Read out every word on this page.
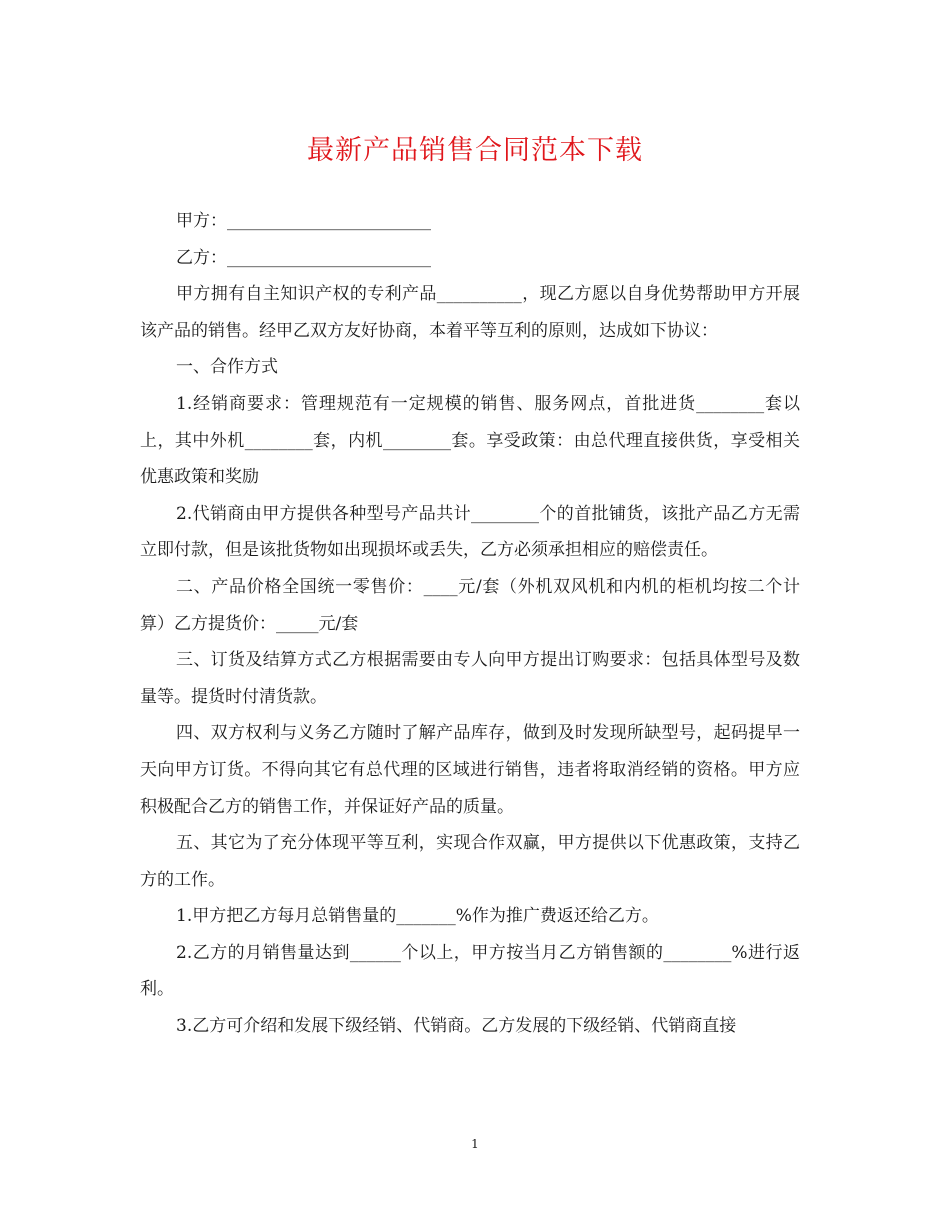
最新产品销售合同范本下载

甲方：________________________

乙方：________________________

甲方拥有自主知识产权的专利产品__________，现乙方愿以自身优势帮助甲方开展该产品的销售。经甲乙双方友好协商，本着平等互利的原则，达成如下协议：

一、合作方式

1.经销商要求：管理规范有一定规模的销售、服务网点，首批进货________套以上，其中外机________套，内机________套。享受政策：由总代理直接供货，享受相关优惠政策和奖励

2.代销商由甲方提供各种型号产品共计________个的首批铺货，该批产品乙方无需立即付款，但是该批货物如出现损坏或丢失，乙方必须承担相应的赔偿责任。

二、产品价格全国统一零售价：____元/套（外机双风机和内机的柜机均按二个计算）乙方提货价：_____元/套

三、订货及结算方式乙方根据需要由专人向甲方提出订购要求：包括具体型号及数量等。提货时付清货款。

四、双方权利与义务乙方随时了解产品库存，做到及时发现所缺型号，起码提早一天向甲方订货。不得向其它有总代理的区域进行销售，违者将取消经销的资格。甲方应积极配合乙方的销售工作，并保证好产品的质量。

五、其它为了充分体现平等互利，实现合作双赢，甲方提供以下优惠政策，支持乙方的工作。

1.甲方把乙方每月总销售量的_______%作为推广费返还给乙方。

2.乙方的月销售量达到______个以上，甲方按当月乙方销售额的________%进行返利。

3.乙方可介绍和发展下级经销、代销商。乙方发展的下级经销、代销商直接

1
